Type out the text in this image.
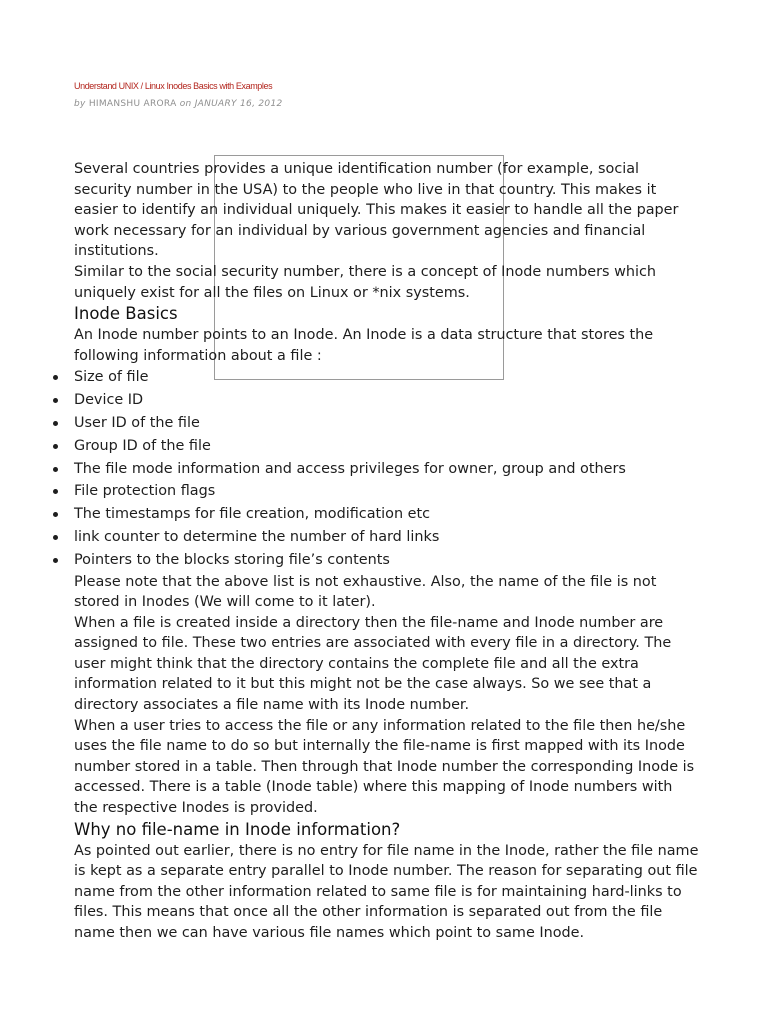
Understand UNIX / Linux Inodes Basics with Examples
by HIMANSHU ARORA on JANUARY 16, 2012

Several countries provides a unique identification number (for example, social security number in the USA) to the people who live in that country. This makes it easier to identify an individual uniquely. This makes it easier to handle all the paper work necessary for an individual by various government agencies and financial institutions.

Similar to the social security number, there is a concept of Inode numbers which uniquely exist for all the files on Linux or *nix systems.

Inode Basics

An Inode number points to an Inode. An Inode is a data structure that stores the following information about a file :

Size of file
Device ID
User ID of the file
Group ID of the file
The file mode information and access privileges for owner, group and others
File protection flags
The timestamps for file creation, modification etc
link counter to determine the number of hard links
Pointers to the blocks storing file’s contents

Please note that the above list is not exhaustive. Also, the name of the file is not stored in Inodes (We will come to it later).

When a file is created inside a directory then the file-name and Inode number are assigned to file. These two entries are associated with every file in a directory. The user might think that the directory contains the complete file and all the extra information related to it but this might not be the case always. So we see that a directory associates a file name with its Inode number.

When a user tries to access the file or any information related to the file then he/she uses the file name to do so but internally the file-name is first mapped with its Inode number stored in a table. Then through that Inode number the corresponding Inode is accessed. There is a table (Inode table) where this mapping of Inode numbers with the respective Inodes is provided.

Why no file-name in Inode information?

As pointed out earlier, there is no entry for file name in the Inode, rather the file name is kept as a separate entry parallel to Inode number. The reason for separating out file name from the other information related to same file is for maintaining hard-links to files. This means that once all the other information is separated out from the file name then we can have various file names which point to same Inode.
